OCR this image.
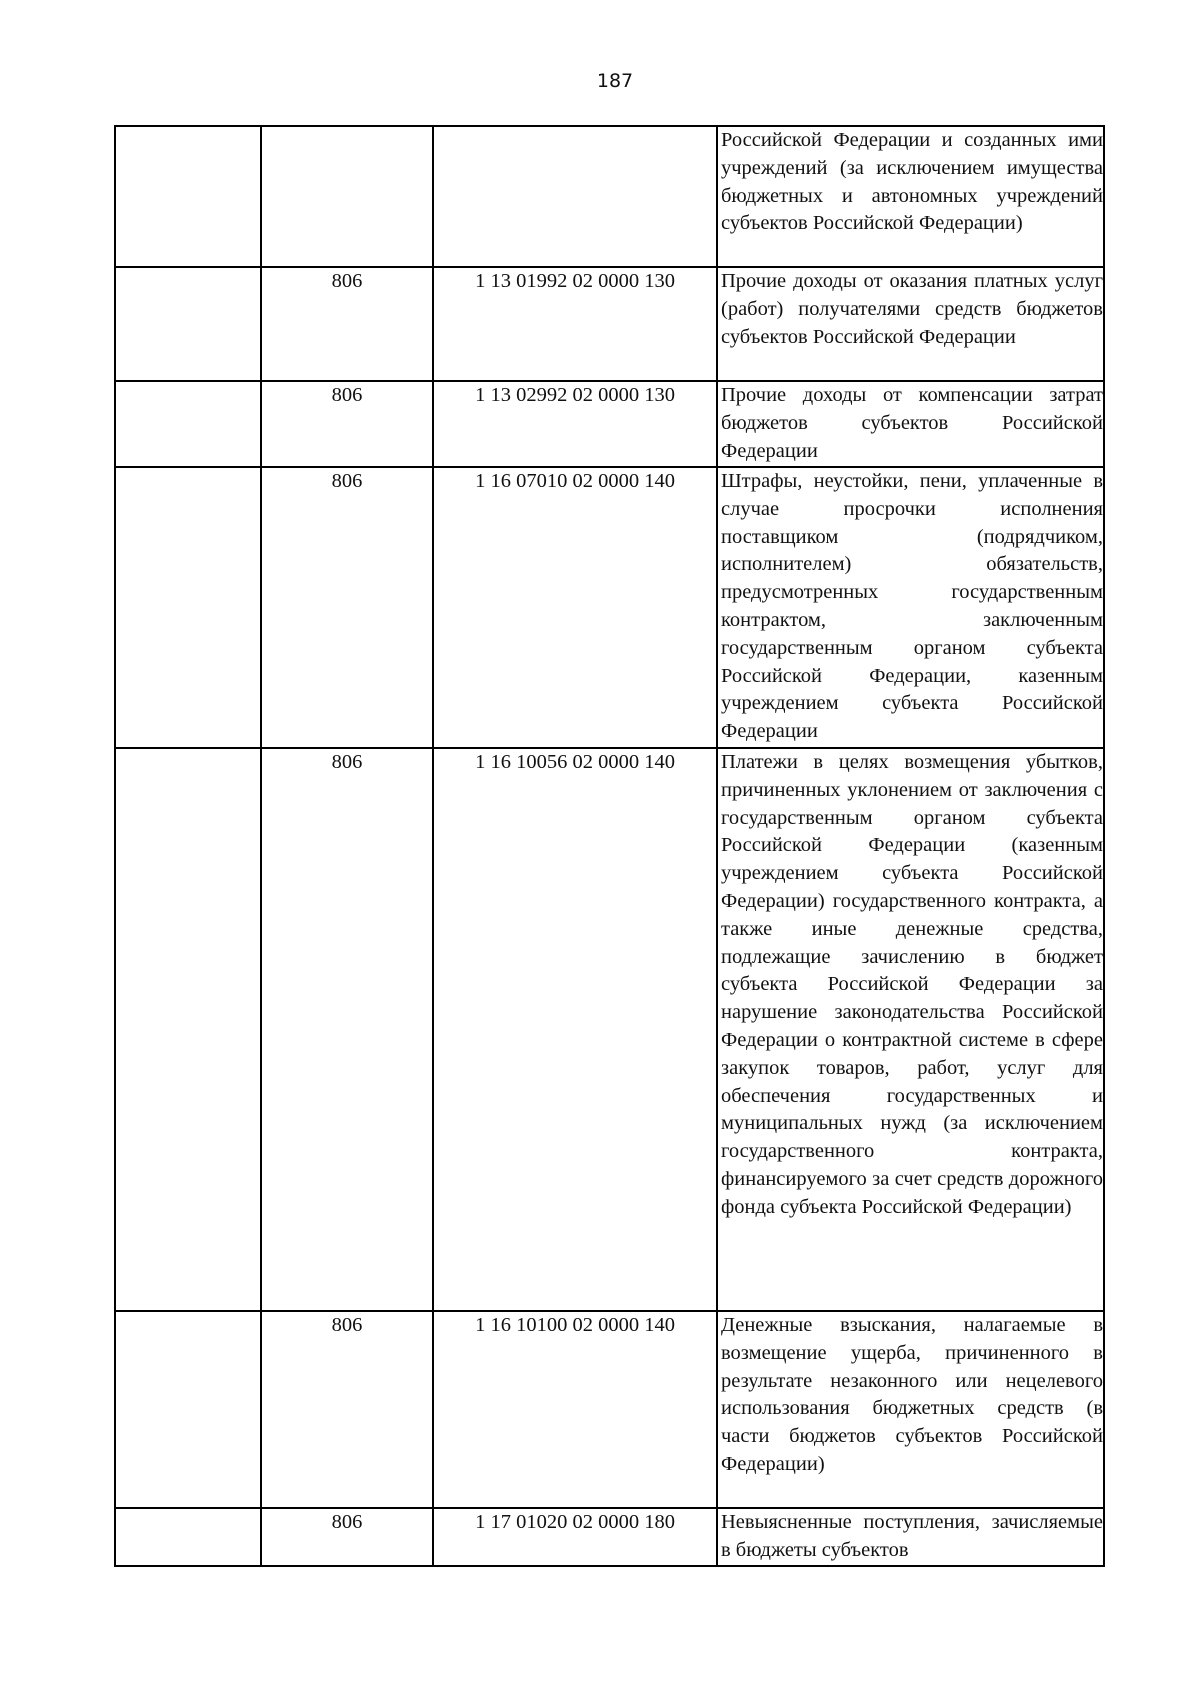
187
			Российской Федерации и созданных ими учреждений (за исключением имущества бюджетных и автономных учреждений субъектов Российской Федерации)
	806	1 13 01992 02 0000 130	Прочие доходы от оказания платных услуг (работ) получателями средств бюджетов субъектов Российской Федерации
	806	1 13 02992 02 0000 130	Прочие доходы от компенсации затрат бюджетов субъектов Российской Федерации
	806	1 16 07010 02 0000 140	Штрафы, неустойки, пени, уплаченные в случае просрочки исполнения поставщиком (подрядчиком, исполнителем) обязательств, предусмотренных государственным контрактом, заключенным государственным органом субъекта Российской Федерации, казенным учреждением субъекта Российской Федерации
	806	1 16 10056 02 0000 140	Платежи в целях возмещения убытков, причиненных уклонением от заключения с государственным органом субъекта Российской Федерации (казенным учреждением субъекта Российской Федерации) государственного контракта, а также иные денежные средства, подлежащие зачислению в бюджет субъекта Российской Федерации за нарушение законодательства Российской Федерации о контрактной системе в сфере закупок товаров, работ, услуг для обеспечения государственных и муниципальных нужд (за исключением государственного контракта, финансируемого за счет средств дорожного фонда субъекта Российской Федерации)
	806	1 16 10100 02 0000 140	Денежные взыскания, налагаемые в возмещение ущерба, причиненного в результате незаконного или нецелевого использования бюджетных средств (в части бюджетов субъектов Российской Федерации)
	806	1 17 01020 02 0000 180	Невыясненные поступления, зачисляемые в бюджеты субъектов
